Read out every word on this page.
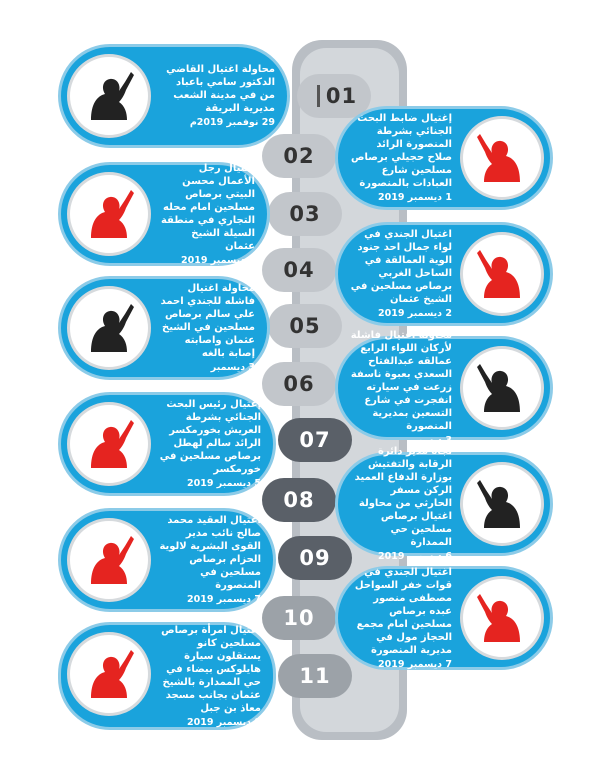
01
محاولة اغتيال القاضي الدكتور سامي باعباد من في مدينة الشعب مديرية البريقة
29 نوفمبر 2019م
02
إغتيال ضابط البحث الجنائي بشرطة المنصورة الرائد صلاح حجيلي برصاص مسلحين شارع العبادات بالمنصورة
1 ديسمبر 2019
03
اغتيال رجل الأعمال محسن البيتي برصاص مسلحين امام محله التجاري في منطقة السيلة الشيخ عثمان
2 ديسمبر 2019 04
اغتيال الجندي في لواء جمال احد جنود الوية العمالقة في الساحل الغربي برصاص مسلحين في الشيخ عثمان
2 ديسمبر 2019
05
محاولة اغتيال فاشله للجندي احمد علي سالم برصاص مسلحين في الشيخ عثمان واصابته إصابة بالغه
3 ديسمبر
06
محاولة اغتيال فاشلة لأركان اللواء الرابع عمالقه عبدالفتاح السعدي بعبوة ناسفة زرعت في سيارته انفجرت في شارع التسعين بمديرية المنصورة
3 ديسمبر
07
إغتيال رئيس البحث الجنائي بشرطة العريش بخورمكسر الرائد سالم لهطل برصاص مسلحين في خورمكسر
5 ديسمبر 2019
08
نجاة مدير دائرة الرقابة والتفتيش بوزارة الدفاع العميد الركن مسفر الحارثي من محاولة اغتيال برصاص مسلحين حي الممدارة
6 ديسمبر 2019
09
اغتيال العقيد محمد صالح نائب مدير القوى البشرية لالوية الحزام برصاص مسلحين في المنصورة
7 ديسمبر 2019
10
اغتيال الجندي في قوات خفر السواحل مصطفى منصور عبده برصاص مسلحين امام مجمع الحجاز مول في مديرية المنصورة
7 ديسمبر 2019
11
اغتيال امرأة برصاص مسلحين كانو يستقلون سيارة هايلوكس بيضاء في حي الممدارة بالشيخ عثمان بجانب مسجد معاذ بن جبل
8 ديسمبر 2019
